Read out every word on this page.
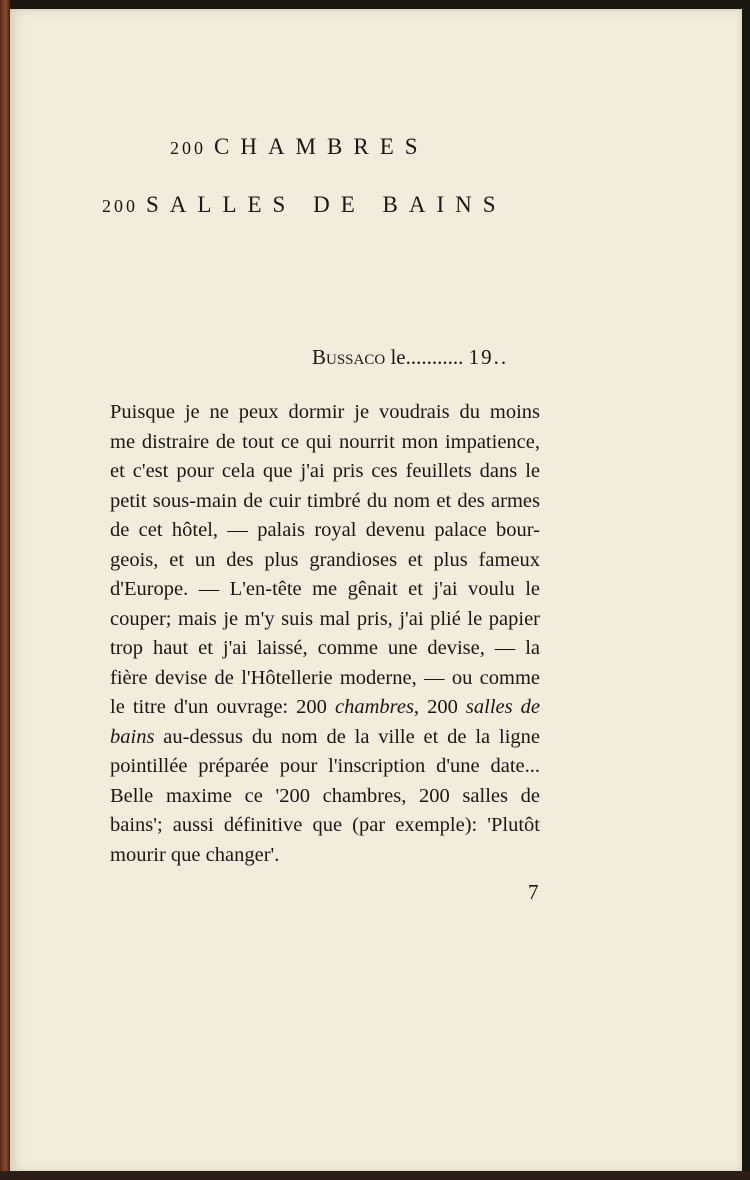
200 CHAMBRES
200 SALLES DE BAINS
Bussaco le........... 19..
Puisque je ne peux dormir je voudrais du moins
me distraire de tout ce qui nourrit mon impatience,
et c'est pour cela que j'ai pris ces feuillets dans le
petit sous-main de cuir timbré du nom et des armes
de cet hôtel, — palais royal devenu palace bour-
geois, et un des plus grandioses et plus fameux
d'Europe. — L'en-tête me gênait et j'ai voulu le
couper; mais je m'y suis mal pris, j'ai plié le papier
trop haut et j'ai laissé, comme une devise, — la
fière devise de l'Hôtellerie moderne, — ou comme
le titre d'un ouvrage: 200 chambres, 200 salles de
bains au-dessus du nom de la ville et de la ligne
pointillée préparée pour l'inscription d'une date...
Belle maxime ce '200 chambres, 200 salles de
bains'; aussi définitive que (par exemple): 'Plutôt
mourir que changer'.
7
